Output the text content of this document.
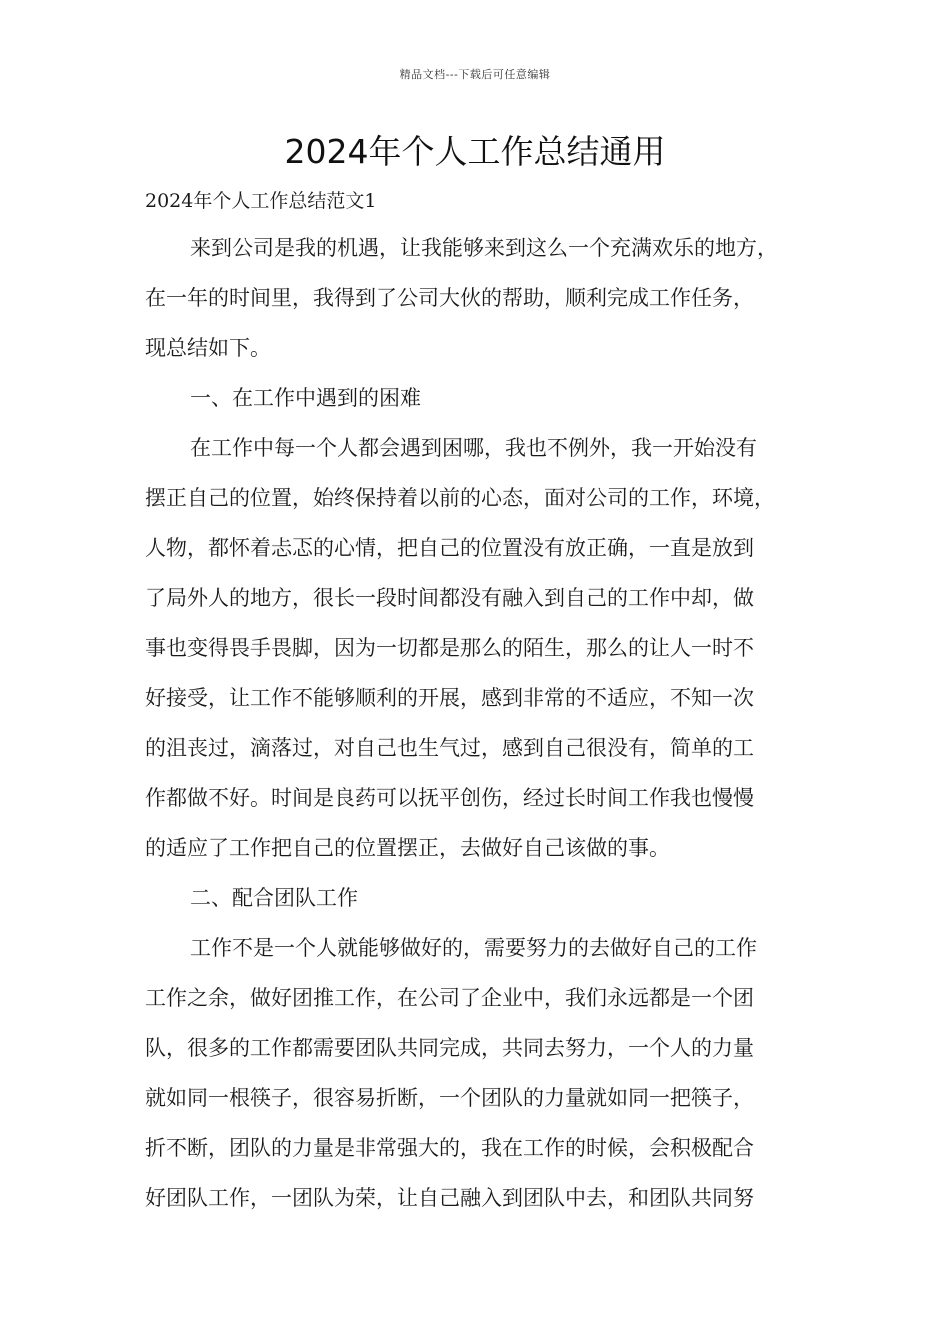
精品文档---下载后可任意编辑
2024年个人工作总结通用
2024年个人工作总结范文1
来到公司是我的机遇，让我能够来到这么一个充满欢乐的地方，
在一年的时间里，我得到了公司大伙的帮助，顺利完成工作任务，
现总结如下。
一、在工作中遇到的困难
在工作中每一个人都会遇到困哪，我也不例外，我一开始没有
摆正自己的位置，始终保持着以前的心态，面对公司的工作，环境，
人物，都怀着忐忑的心情，把自己的位置没有放正确，一直是放到
了局外人的地方，很长一段时间都没有融入到自己的工作中却，做
事也变得畏手畏脚，因为一切都是那么的陌生，那么的让人一时不
好接受，让工作不能够顺利的开展，感到非常的不适应，不知一次
的沮丧过，滴落过，对自己也生气过，感到自己很没有，简单的工
作都做不好。时间是良药可以抚平创伤，经过长时间工作我也慢慢
的适应了工作把自己的位置摆正，去做好自己该做的事。
二、配合团队工作
工作不是一个人就能够做好的，需要努力的去做好自己的工作
工作之余，做好团推工作，在公司了企业中，我们永远都是一个团
队，很多的工作都需要团队共同完成，共同去努力，一个人的力量
就如同一根筷子，很容易折断，一个团队的力量就如同一把筷子，
折不断，团队的力量是非常强大的，我在工作的时候，会积极配合
好团队工作，一团队为荣，让自己融入到团队中去，和团队共同努
